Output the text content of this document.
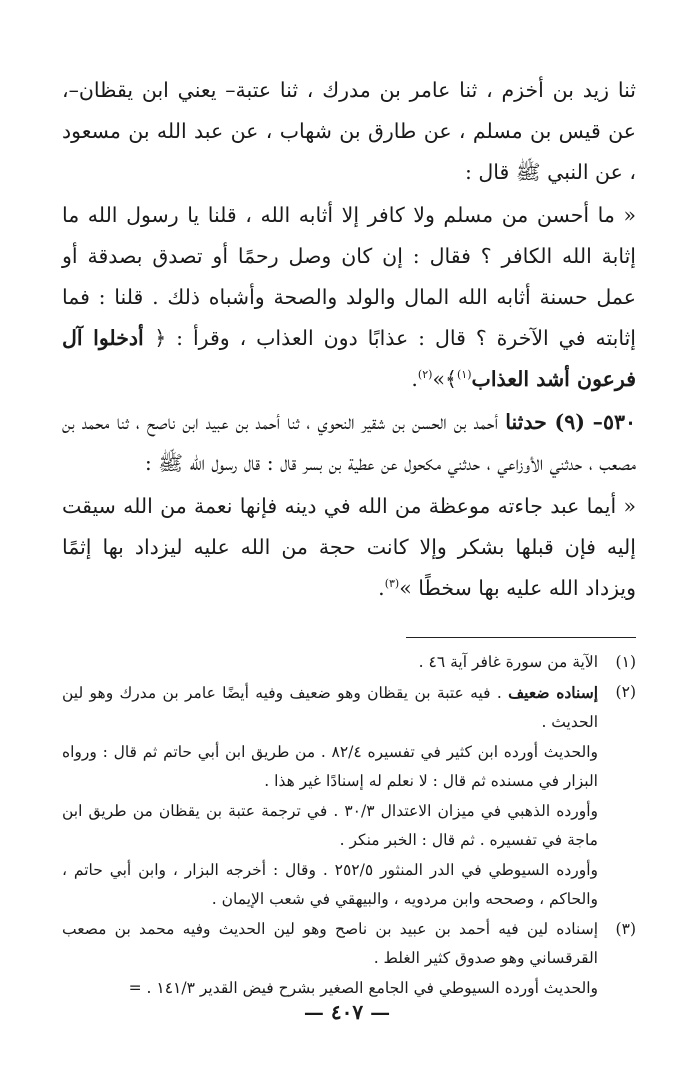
ثنا زيد بن أخزم ، ثنا عامر بن مدرك ، ثنا عتبة– يعني ابن يقظان–، عن قيس بن مسلم ، عن طارق بن شهاب ، عن عبد الله بن مسعود ، عن النبي ﷺ قال :

« ما أحسن من مسلم ولا كافر إلا أثابه الله ، قلنا يا رسول الله ما إثابة الله الكافر ؟ فقال : إن كان وصل رحمًا أو تصدق بصدقة أو عمل حسنة أثابه الله المال والولد والصحة وأشباه ذلك . قلنا : فما إثابته في الآخرة ؟ قال : عذابًا دون العذاب ، وقرأ : ﴿ أدخلوا آل فرعون أشد العذاب$^{(١)}$﴾»$^{(٢)}$.

٥٣٠– (٩) حدثنا أحمد بن الحسن بن شقير النحوي ، ثنا أحمد بن عبيد ابن ناصح ، ثنا محمد بن مصعب ، حدثني الأوزاعي ، حدثني مكحول عن عطية بن بسر قال : قال رسول الله ﷺ :

« أيما عبد جاءته موعظة من الله في دينه فإنها نعمة من الله سيقت إليه فإن قبلها بشكر وإلا كانت حجة من الله عليه ليزداد بها إثمًا ويزداد الله عليه بها سخطًا »$^{(٣)}$.

(١)
الآية من سورة غافر آية ٤٦ .
(٢)
إسناده ضعيف . فيه عتبة بن يقظان وهو ضعيف وفيه أيضًا عامر بن مدرك وهو لين الحديث .
والحديث أورده ابن كثير في تفسيره ٨٢/٤ . من طريق ابن أبي حاتم ثم قال : ورواه البزار في مسنده ثم قال : لا نعلم له إسنادًا غير هذا .
وأورده الذهبي في ميزان الاعتدال ٣٠/٣ . في ترجمة عتبة بن يقظان من طريق ابن ماجة في تفسيره . ثم قال : الخبر منكر .
وأورده السيوطي في الدر المنثور ٢٥٢/٥ . وقال : أخرجه البزار ، وابن أبي حاتم ، والحاكم ، وصححه وابن مردويه ، والبيهقي في شعب الإيمان .
(٣)
إسناده لين فيه أحمد بن عبيد بن ناصح وهو لين الحديث وفيه محمد بن مصعب القرقساني وهو صدوق كثير الغلط .
والحديث أورده السيوطي في الجامع الصغير بشرح فيض القدير ١٤١/٣ . =
— ٤٠٧ —
